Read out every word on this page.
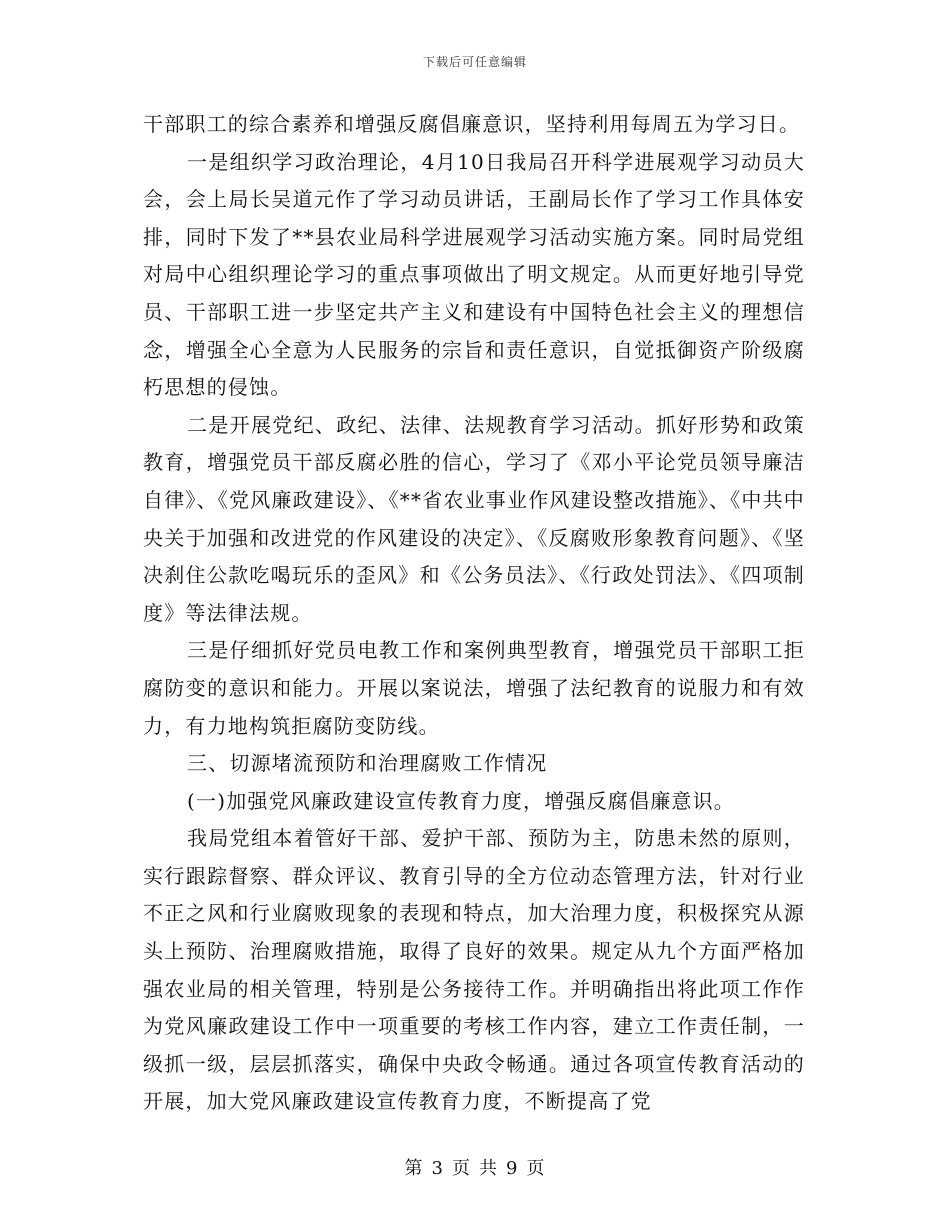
下载后可任意编辑

干部职工的综合素养和增强反腐倡廉意识，坚持利用每周五为学习日。

一是组织学习政治理论，4月10日我局召开科学进展观学习动员大会，会上局长吴道元作了学习动员讲话，王副局长作了学习工作具体安排，同时下发了**县农业局科学进展观学习活动实施方案。同时局党组对局中心组织理论学习的重点事项做出了明文规定。从而更好地引导党员、干部职工进一步坚定共产主义和建设有中国特色社会主义的理想信念，增强全心全意为人民服务的宗旨和责任意识，自觉抵御资产阶级腐朽思想的侵蚀。

二是开展党纪、政纪、法律、法规教育学习活动。抓好形势和政策教育，增强党员干部反腐必胜的信心，学习了《邓小平论党员领导廉洁自律》、《党风廉政建设》、《**省农业事业作风建设整改措施》、《中共中央关于加强和改进党的作风建设的决定》、《反腐败形象教育问题》、《坚决刹住公款吃喝玩乐的歪风》和《公务员法》、《行政处罚法》、《四项制度》等法律法规。

三是仔细抓好党员电教工作和案例典型教育，增强党员干部职工拒腐防变的意识和能力。开展以案说法，增强了法纪教育的说服力和有效力，有力地构筑拒腐防变防线。

三、切源堵流预防和治理腐败工作情况

(一)加强党风廉政建设宣传教育力度，增强反腐倡廉意识。

我局党组本着管好干部、爱护干部、预防为主，防患未然的原则，实行跟踪督察、群众评议、教育引导的全方位动态管理方法，针对行业不正之风和行业腐败现象的表现和特点，加大治理力度，积极探究从源头上预防、治理腐败措施，取得了良好的效果。规定从九个方面严格加强农业局的相关管理，特别是公务接待工作。并明确指出将此项工作作为党风廉政建设工作中一项重要的考核工作内容，建立工作责任制，一级抓一级，层层抓落实，确保中央政令畅通。通过各项宣传教育活动的开展，加大党风廉政建设宣传教育力度，不断提高了党

第 3 页 共 9 页
